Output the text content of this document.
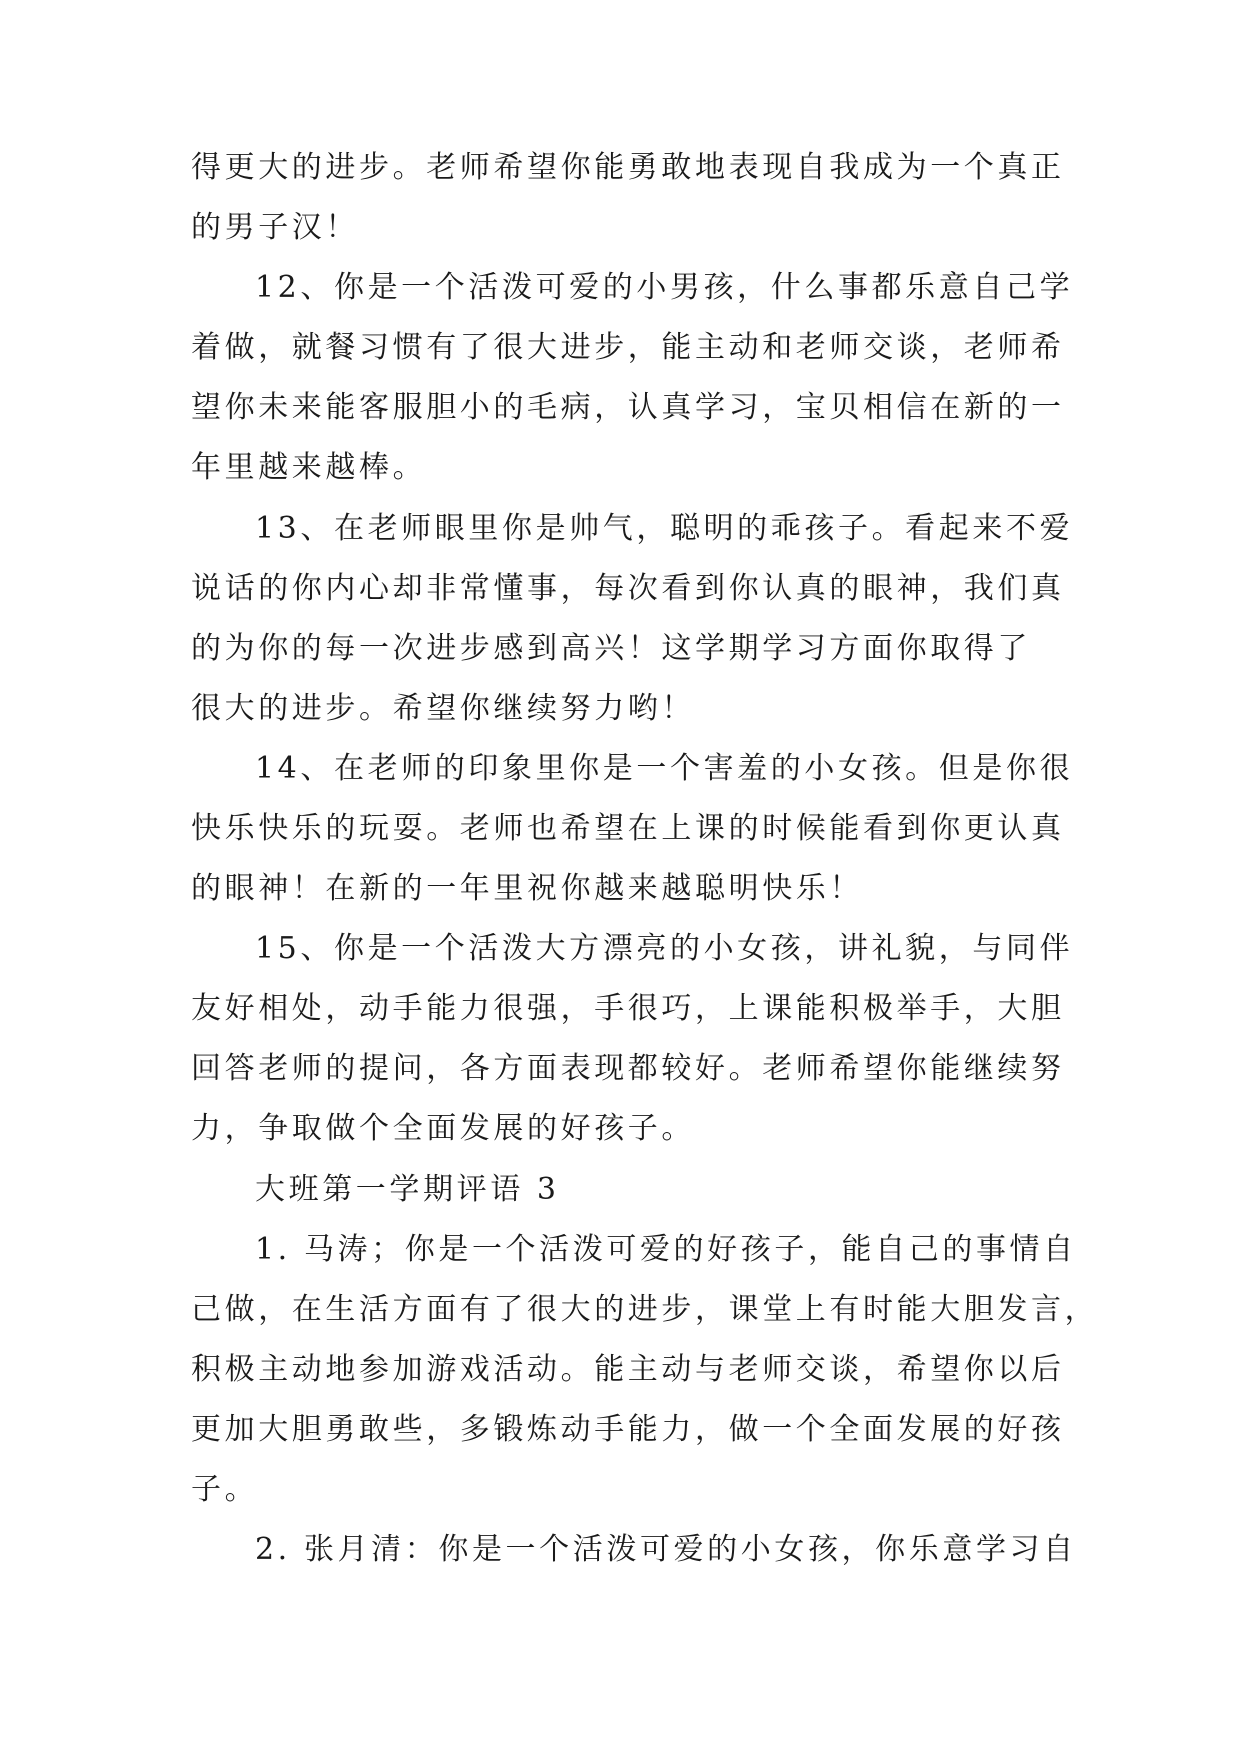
得更大的进步。老师希望你能勇敢地表现自我成为一个真正
的男子汉！
12、你是一个活泼可爱的小男孩，什么事都乐意自己学
着做，就餐习惯有了很大进步，能主动和老师交谈，老师希
望你未来能客服胆小的毛病，认真学习，宝贝相信在新的一
年里越来越棒。
13、在老师眼里你是帅气，聪明的乖孩子。看起来不爱
说话的你内心却非常懂事，每次看到你认真的眼神，我们真
的为你的每一次进步感到高兴！这学期学习方面你取得了
很大的进步。希望你继续努力哟！
14、在老师的印象里你是一个害羞的小女孩。但是你很
快乐快乐的玩耍。老师也希望在上课的时候能看到你更认真
的眼神！在新的一年里祝你越来越聪明快乐！
15、你是一个活泼大方漂亮的小女孩，讲礼貌，与同伴
友好相处，动手能力很强，手很巧，上课能积极举手，大胆
回答老师的提问，各方面表现都较好。老师希望你能继续努
力，争取做个全面发展的好孩子。
大班第一学期评语 3
1. 马涛；你是一个活泼可爱的好孩子，能自己的事情自
己做，在生活方面有了很大的进步，课堂上有时能大胆发言，
积极主动地参加游戏活动。能主动与老师交谈，希望你以后
更加大胆勇敢些，多锻炼动手能力，做一个全面发展的好孩
子。
2. 张月清：你是一个活泼可爱的小女孩，你乐意学习自
